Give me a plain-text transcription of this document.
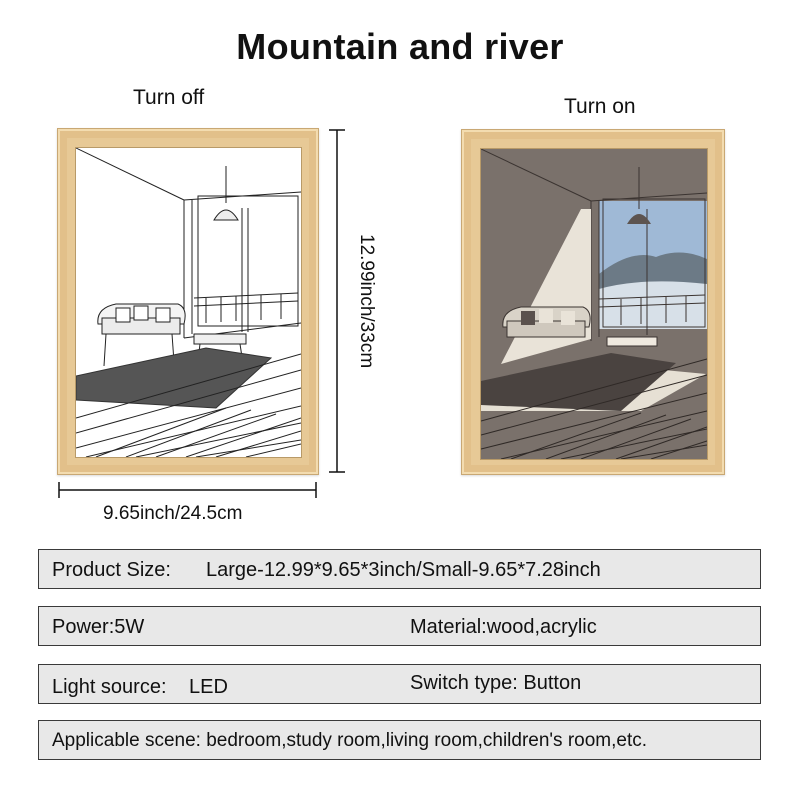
Mountain and river
Turn off	Turn on
12.99inch/33cm
9.65inch/24.5cm
Product Size: Large-12.99*9.65*3inch/Small-9.65*7.28inch
Power:5W	Material:wood,acrylic
Light source: LED	Switch type: Button
Applicable scene: bedroom,study room,living room,children's room,etc.
